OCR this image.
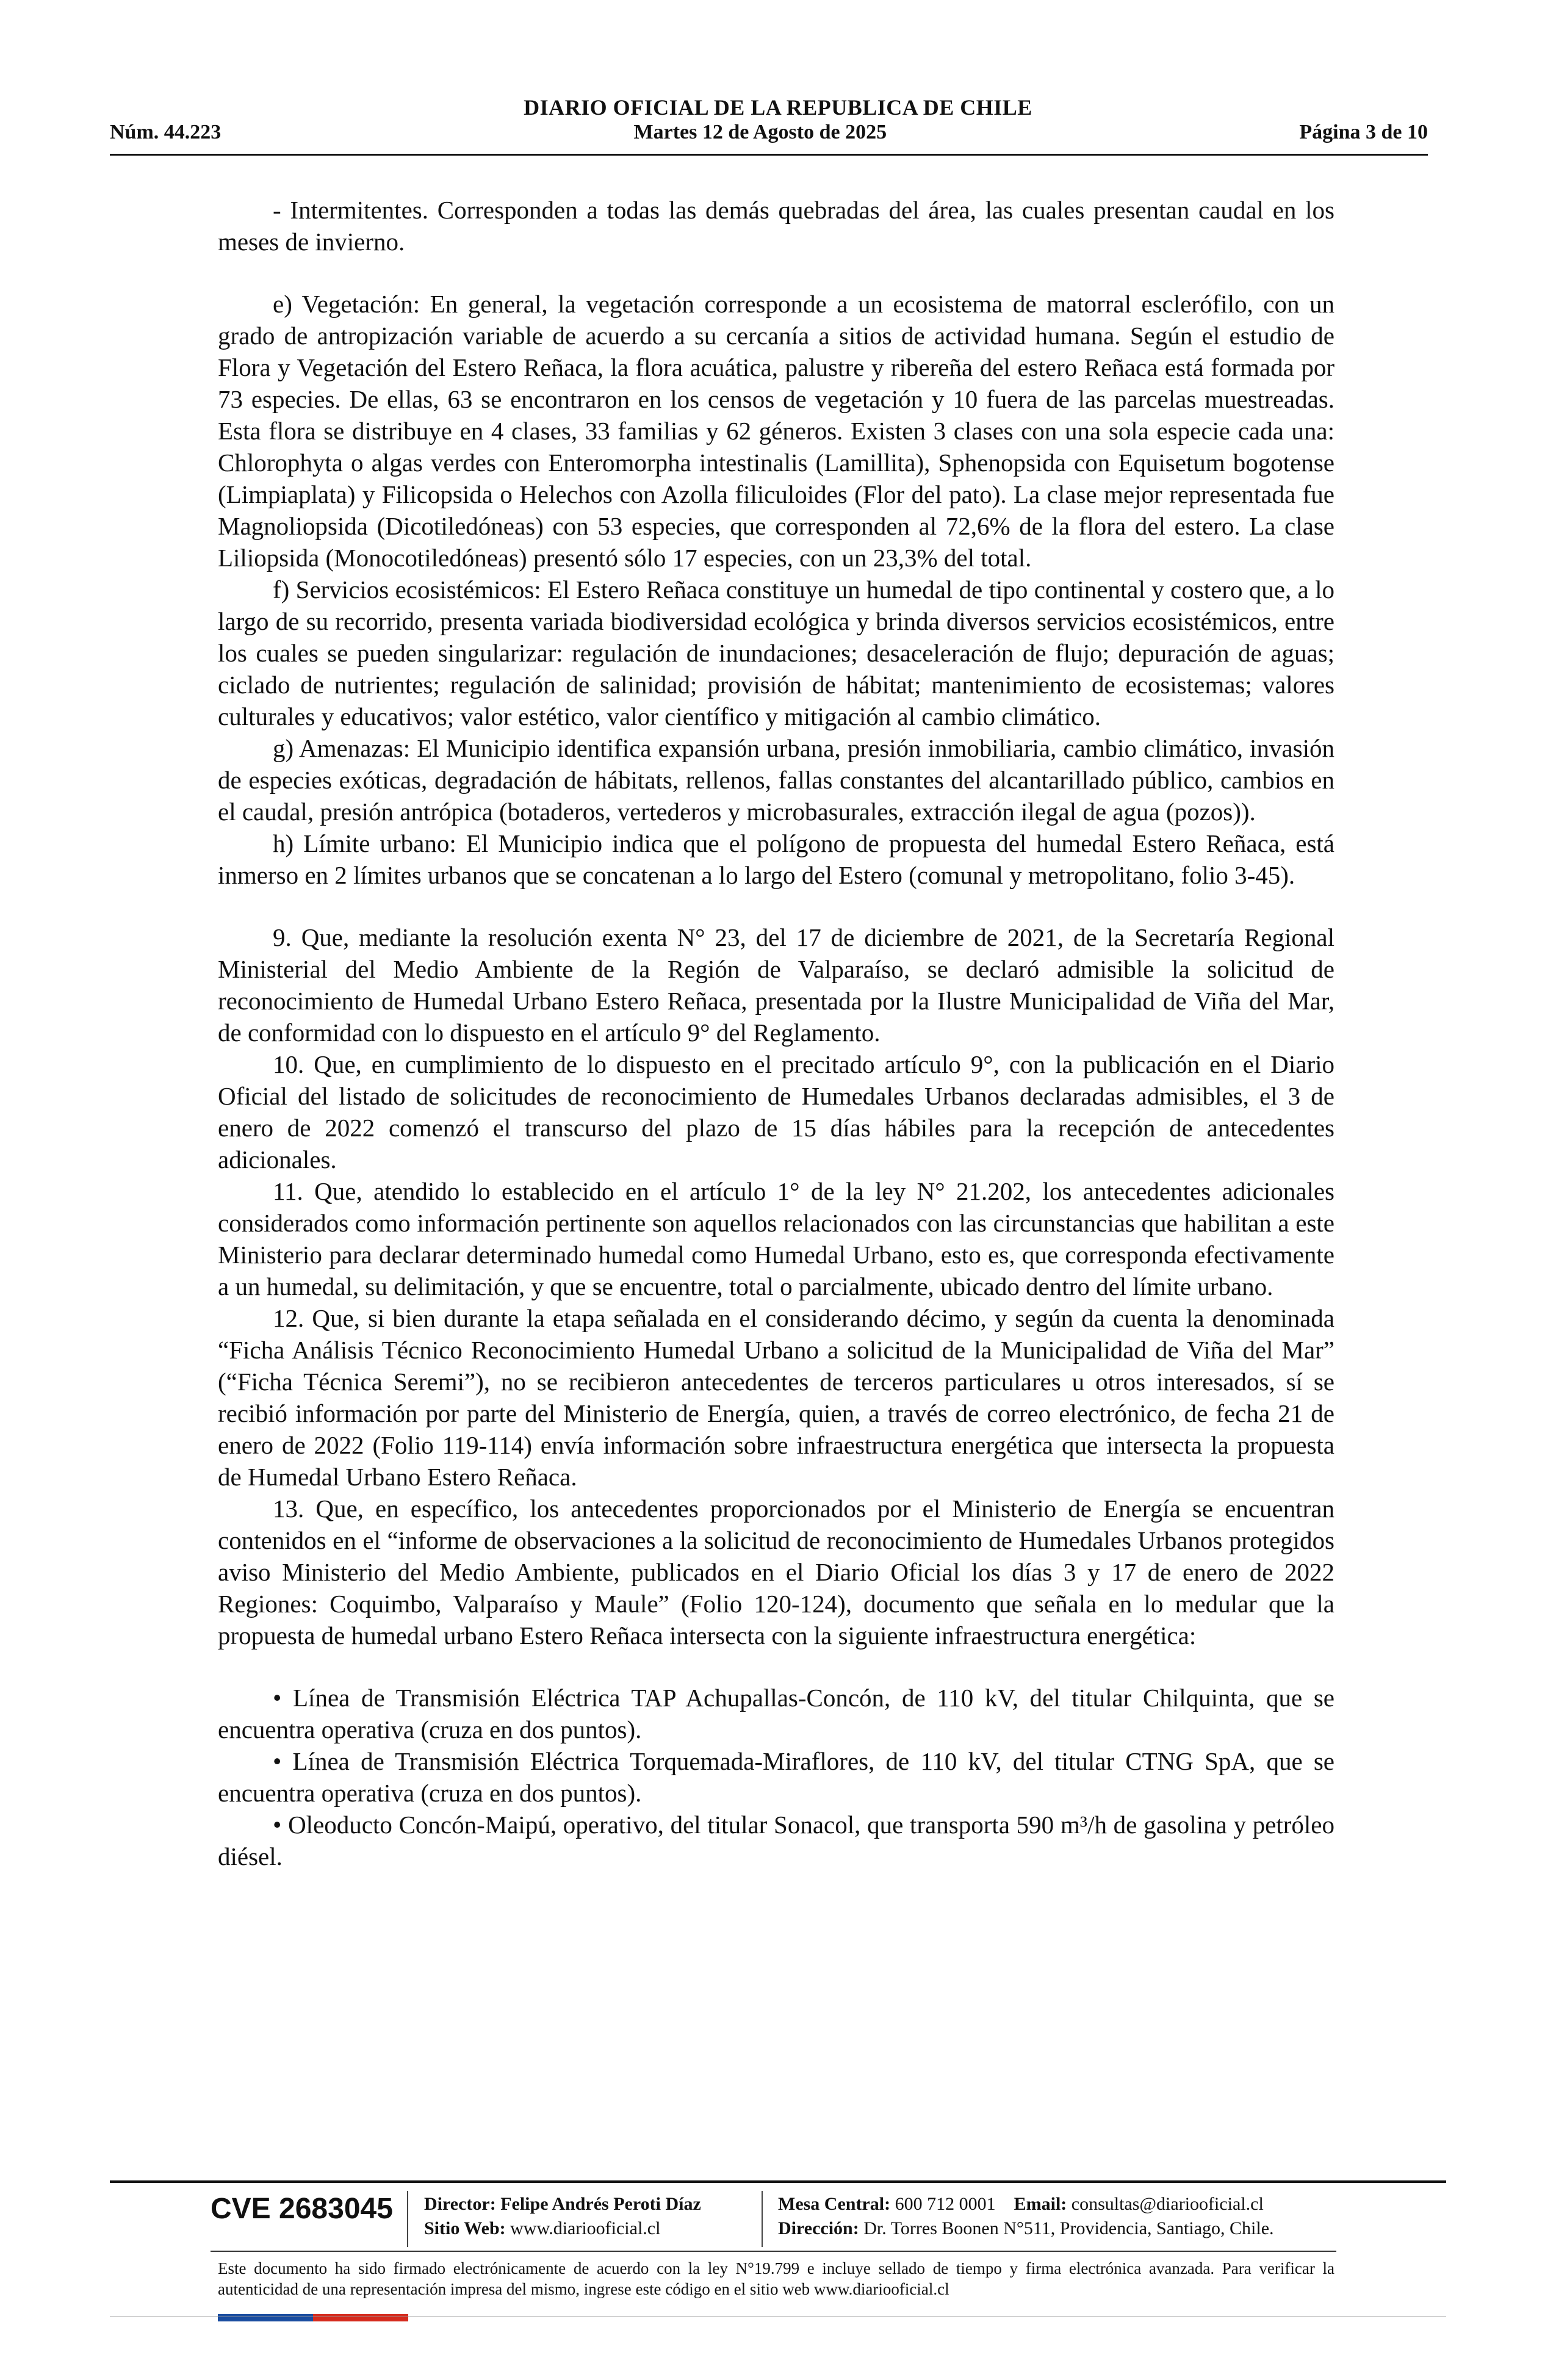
DIARIO OFICIAL DE LA REPUBLICA DE CHILE
Núm. 44.223	Martes 12 de Agosto de 2025	Página 3 de 10

- Intermitentes. Corresponden a todas las demás quebradas del área, las cuales presentan caudal en los meses de invierno.

e) Vegetación: En general, la vegetación corresponde a un ecosistema de matorral esclerófilo, con un grado de antropización variable de acuerdo a su cercanía a sitios de actividad humana. Según el estudio de Flora y Vegetación del Estero Reñaca, la flora acuática, palustre y ribereña del estero Reñaca está formada por 73 especies. De ellas, 63 se encontraron en los censos de vegetación y 10 fuera de las parcelas muestreadas. Esta flora se distribuye en 4 clases, 33 familias y 62 géneros. Existen 3 clases con una sola especie cada una: Chlorophyta o algas verdes con Enteromorpha intestinalis (Lamillita), Sphenopsida con Equisetum bogotense (Limpiaplata) y Filicopsida o Helechos con Azolla filiculoides (Flor del pato). La clase mejor representada fue Magnoliopsida (Dicotiledóneas) con 53 especies, que corresponden al 72,6% de la flora del estero. La clase Liliopsida (Monocotiledóneas) presentó sólo 17 especies, con un 23,3% del total.

f) Servicios ecosistémicos: El Estero Reñaca constituye un humedal de tipo continental y costero que, a lo largo de su recorrido, presenta variada biodiversidad ecológica y brinda diversos servicios ecosistémicos, entre los cuales se pueden singularizar: regulación de inundaciones; desaceleración de flujo; depuración de aguas; ciclado de nutrientes; regulación de salinidad; provisión de hábitat; mantenimiento de ecosistemas; valores culturales y educativos; valor estético, valor científico y mitigación al cambio climático.

g) Amenazas: El Municipio identifica expansión urbana, presión inmobiliaria, cambio climático, invasión de especies exóticas, degradación de hábitats, rellenos, fallas constantes del alcantarillado público, cambios en el caudal, presión antrópica (botaderos, vertederos y microbasurales, extracción ilegal de agua (pozos)).

h) Límite urbano: El Municipio indica que el polígono de propuesta del humedal Estero Reñaca, está inmerso en 2 límites urbanos que se concatenan a lo largo del Estero (comunal y metropolitano, folio 3-45).

9. Que, mediante la resolución exenta N° 23, del 17 de diciembre de 2021, de la Secretaría Regional Ministerial del Medio Ambiente de la Región de Valparaíso, se declaró admisible la solicitud de reconocimiento de Humedal Urbano Estero Reñaca, presentada por la Ilustre Municipalidad de Viña del Mar, de conformidad con lo dispuesto en el artículo 9° del Reglamento.

10. Que, en cumplimiento de lo dispuesto en el precitado artículo 9°, con la publicación en el Diario Oficial del listado de solicitudes de reconocimiento de Humedales Urbanos declaradas admisibles, el 3 de enero de 2022 comenzó el transcurso del plazo de 15 días hábiles para la recepción de antecedentes adicionales.

11. Que, atendido lo establecido en el artículo 1° de la ley N° 21.202, los antecedentes adicionales considerados como información pertinente son aquellos relacionados con las circunstancias que habilitan a este Ministerio para declarar determinado humedal como Humedal Urbano, esto es, que corresponda efectivamente a un humedal, su delimitación, y que se encuentre, total o parcialmente, ubicado dentro del límite urbano.

12. Que, si bien durante la etapa señalada en el considerando décimo, y según da cuenta la denominada “Ficha Análisis Técnico Reconocimiento Humedal Urbano a solicitud de la Municipalidad de Viña del Mar” (“Ficha Técnica Seremi”), no se recibieron antecedentes de terceros particulares u otros interesados, sí se recibió información por parte del Ministerio de Energía, quien, a través de correo electrónico, de fecha 21 de enero de 2022 (Folio 119-114) envía información sobre infraestructura energética que intersecta la propuesta de Humedal Urbano Estero Reñaca.

13. Que, en específico, los antecedentes proporcionados por el Ministerio de Energía se encuentran contenidos en el “informe de observaciones a la solicitud de reconocimiento de Humedales Urbanos protegidos aviso Ministerio del Medio Ambiente, publicados en el Diario Oficial los días 3 y 17 de enero de 2022 Regiones: Coquimbo, Valparaíso y Maule” (Folio 120-124), documento que señala en lo medular que la propuesta de humedal urbano Estero Reñaca intersecta con la siguiente infraestructura energética:

• Línea de Transmisión Eléctrica TAP Achupallas-Concón, de 110 kV, del titular Chilquinta, que se encuentra operativa (cruza en dos puntos).

• Línea de Transmisión Eléctrica Torquemada-Miraflores, de 110 kV, del titular CTNG SpA, que se encuentra operativa (cruza en dos puntos).

• Oleoducto Concón-Maipú, operativo, del titular Sonacol, que transporta 590 m³/h de gasolina y petróleo diésel.

CVE 2683045 Director: Felipe Andrés Peroti Díaz
Sitio Web: www.diariooficial.cl
Mesa Central: 600 712 0001 Email: consultas@diariooficial.cl
Dirección: Dr. Torres Boonen N°511, Providencia, Santiago, Chile.
Este documento ha sido firmado electrónicamente de acuerdo con la ley N°19.799 e incluye sellado de tiempo y firma electrónica avanzada. Para verificar la autenticidad de una representación impresa del mismo, ingrese este código en el sitio web www.diariooficial.cl
